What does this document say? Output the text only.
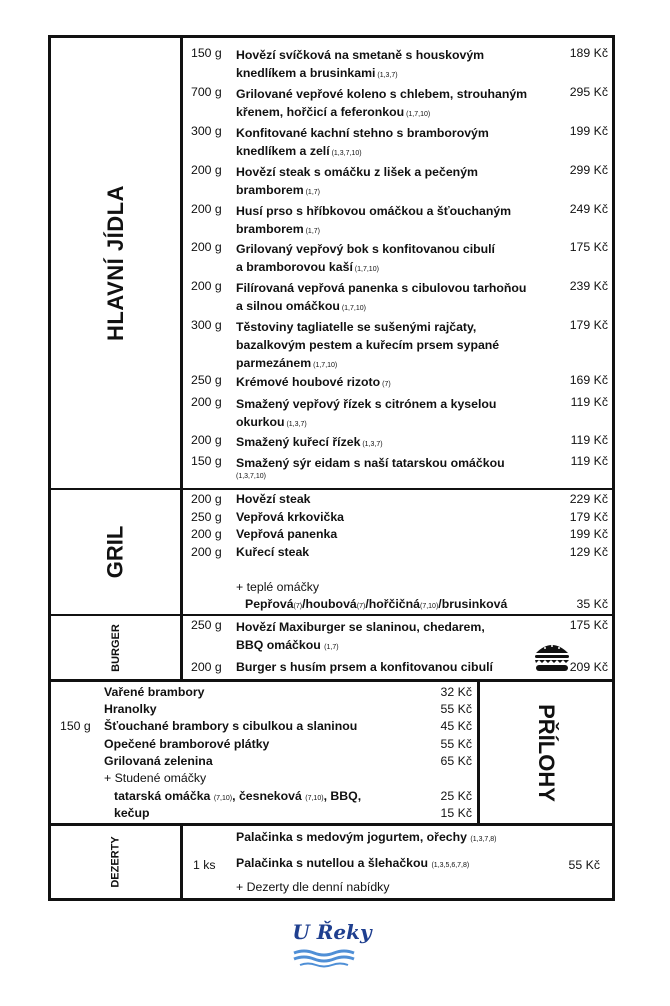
HLAVNÍ JÍDLA
GRIL
BURGER
PŘÍLOHY
DEZERTY
150 g Hovězí svíčková na smetaně s houskovým
knedlíkem a brusinkami (1,3,7)
189 Kč
700 g Grilované vepřové koleno s chlebem, strouhaným
křenem, hořčicí a feferonkou (1,7,10)
295 Kč
300 g Konfitované kachní stehno s bramborovým
knedlíkem a zelí (1,3,7,10)
199 Kč
200 g Hovězí steak s omáčku z lišek a pečeným
bramborem (1,7)
299 Kč
200 g Husí prso s hříbkovou omáčkou a šťouchaným
bramborem (1,7)
249 Kč
200 g Grilovaný vepřový bok s konfitovanou cibulí
a bramborovou kaší (1,7,10)
175 Kč
200 g Filírovaná vepřová panenka s cibulovou tarhoňou
a silnou omáčkou (1,7,10)
239 Kč
300 g Těstoviny tagliatelle se sušenými rajčaty,
bazalkovým pestem a kuřecím prsem sypané
parmezánem (1,7,10)
179 Kč
250 g Krémové houbové rizoto (7)	169 Kč
200 g Smažený vepřový řízek s citrónem a kyselou
okurkou (1,3,7)
119 Kč
200 g Smažený kuřecí řízek (1,3,7)	119 Kč
150 g Smažený sýr eidam s naší tatarskou omáčkou
(1,3,7,10)
119 Kč
200 g Hovězí steak	229 Kč
250 g Vepřová krkovička	179 Kč
200 g Vepřová panenka	199 Kč
200 g Kuřecí steak	129 Kč
+ teplé omáčky
Pepřová(7)/houbová(7)/hořčičná(7,10)/brusinková	35 Kč
250 g Hovězí Maxiburger se slaninou, chedarem,
BBQ omáčkou (1,7)
175 Kč
200 g Burger s husím prsem a konfitovanou cibulí	209 Kč
150 g
Vařené brambory	32 Kč
Hranolky	55 Kč
Šťouchané brambory s cibulkou a slaninou	45 Kč
Opečené bramborové plátky	55 Kč
Grilovaná zelenina	65 Kč
+ Studené omáčky
tatarská omáčka (7,10), česneková (7,10), BBQ,	25 Kč
kečup	15 Kč
Palačinka s medovým jogurtem, ořechy (1,3,7,8)
1 ks Palačinka s nutellou a šlehačkou (1,3,5,6,7,8)	55 Kč
+ Dezerty dle denní nabídky
U Řeky
